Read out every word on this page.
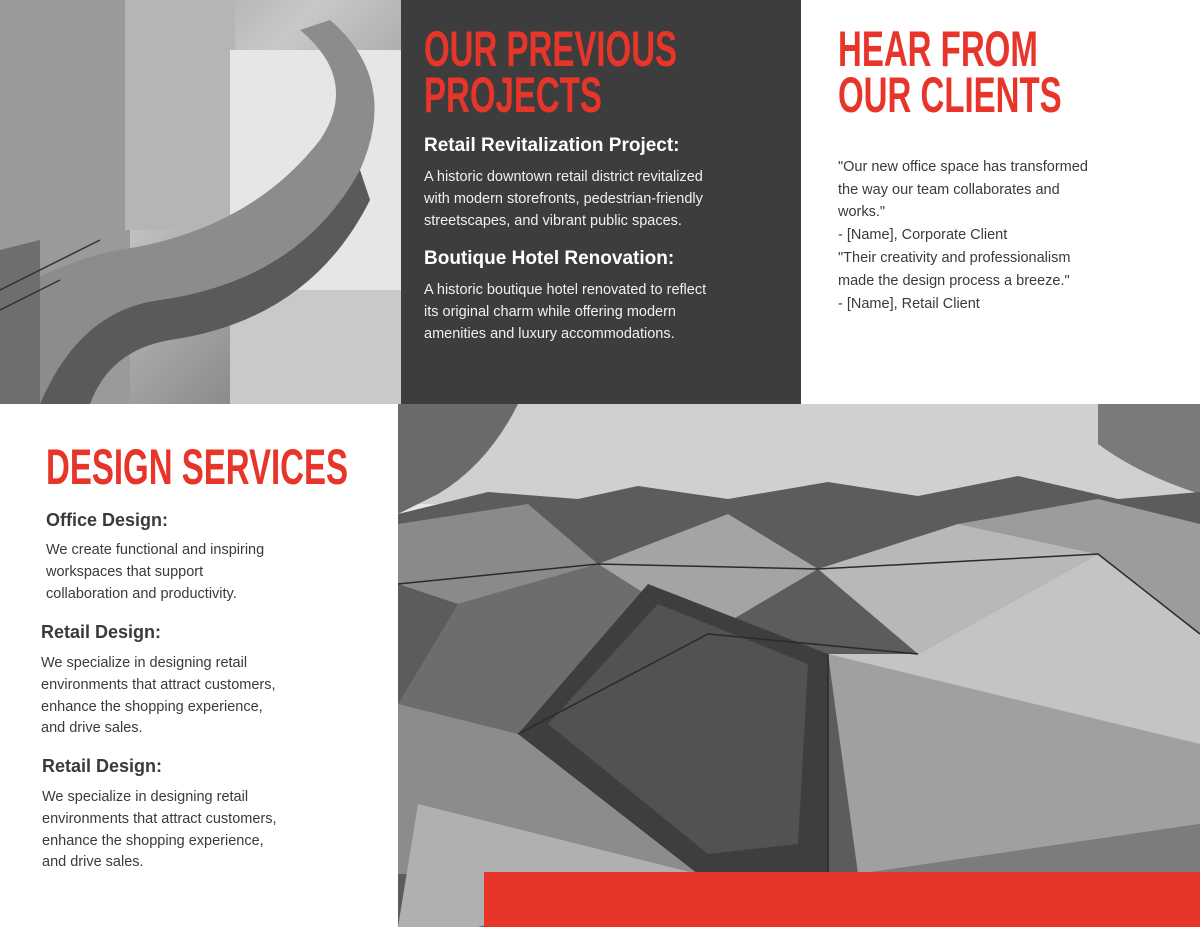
OUR PREVIOUS
PROJECTS
Retail Revitalization Project:
A historic downtown retail district revitalized
with modern storefronts, pedestrian-friendly
streetscapes, and vibrant public spaces.
Boutique Hotel Renovation:
A historic boutique hotel renovated to reflect
its original charm while offering modern
amenities and luxury accommodations.
HEAR FROM
OUR CLIENTS
"Our new office space has transformed
the way our team collaborates and
works."
- [Name], Corporate Client
"Their creativity and professionalism
made the design process a breeze."
- [Name], Retail Client
DESIGN SERVICES
Office Design:
We create functional and inspiring
workspaces that support
collaboration and productivity.
Retail Design:
We specialize in designing retail
environments that attract customers,
enhance the shopping experience,
and drive sales.
Retail Design:
We specialize in designing retail
environments that attract customers,
enhance the shopping experience,
and drive sales.
